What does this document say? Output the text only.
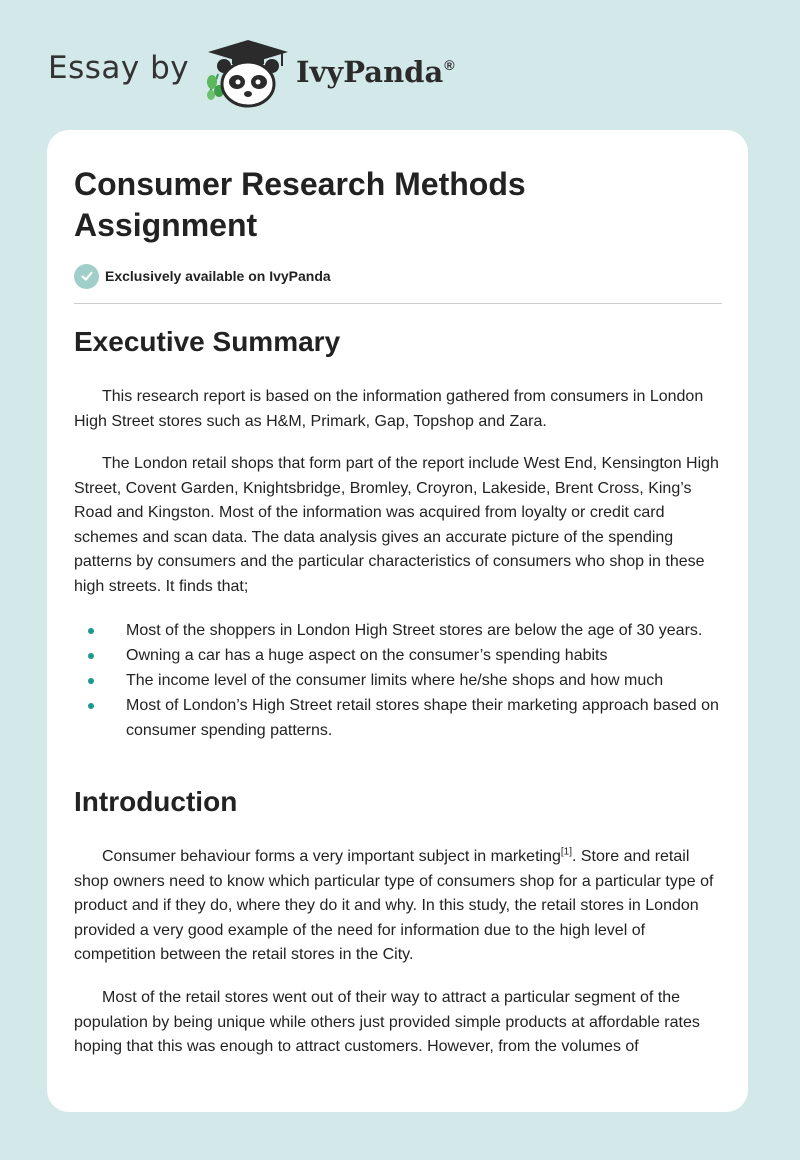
Essay by	IvyPanda®
Consumer Research Methods Assignment
Exclusively available on IvyPanda
Executive Summary

This research report is based on the information gathered from consumers in London High Street stores such as H&M, Primark, Gap, Topshop and Zara.

The London retail shops that form part of the report include West End, Kensington High Street, Covent Garden, Knightsbridge, Bromley, Croyron, Lakeside, Brent Cross, King’s Road and Kingston. Most of the information was acquired from loyalty or credit card schemes and scan data. The data analysis gives an accurate picture of the spending patterns by consumers and the particular characteristics of consumers who shop in these high streets. It finds that;

Most of the shoppers in London High Street stores are below the age of 30 years.
Owning a car has a huge aspect on the consumer’s spending habits
The income level of the consumer limits where he/she shops and how much
Most of London’s High Street retail stores shape their marketing approach based on consumer spending patterns.
Introduction

Consumer behaviour forms a very important subject in marketing[1]. Store and retail shop owners need to know which particular type of consumers shop for a particular type of product and if they do, where they do it and why. In this study, the retail stores in London provided a very good example of the need for information due to the high level of competition between the retail stores in the City.

Most of the retail stores went out of their way to attract a particular segment of the population by being unique while others just provided simple products at affordable rates hoping that this was enough to attract customers. However, from the volumes of
